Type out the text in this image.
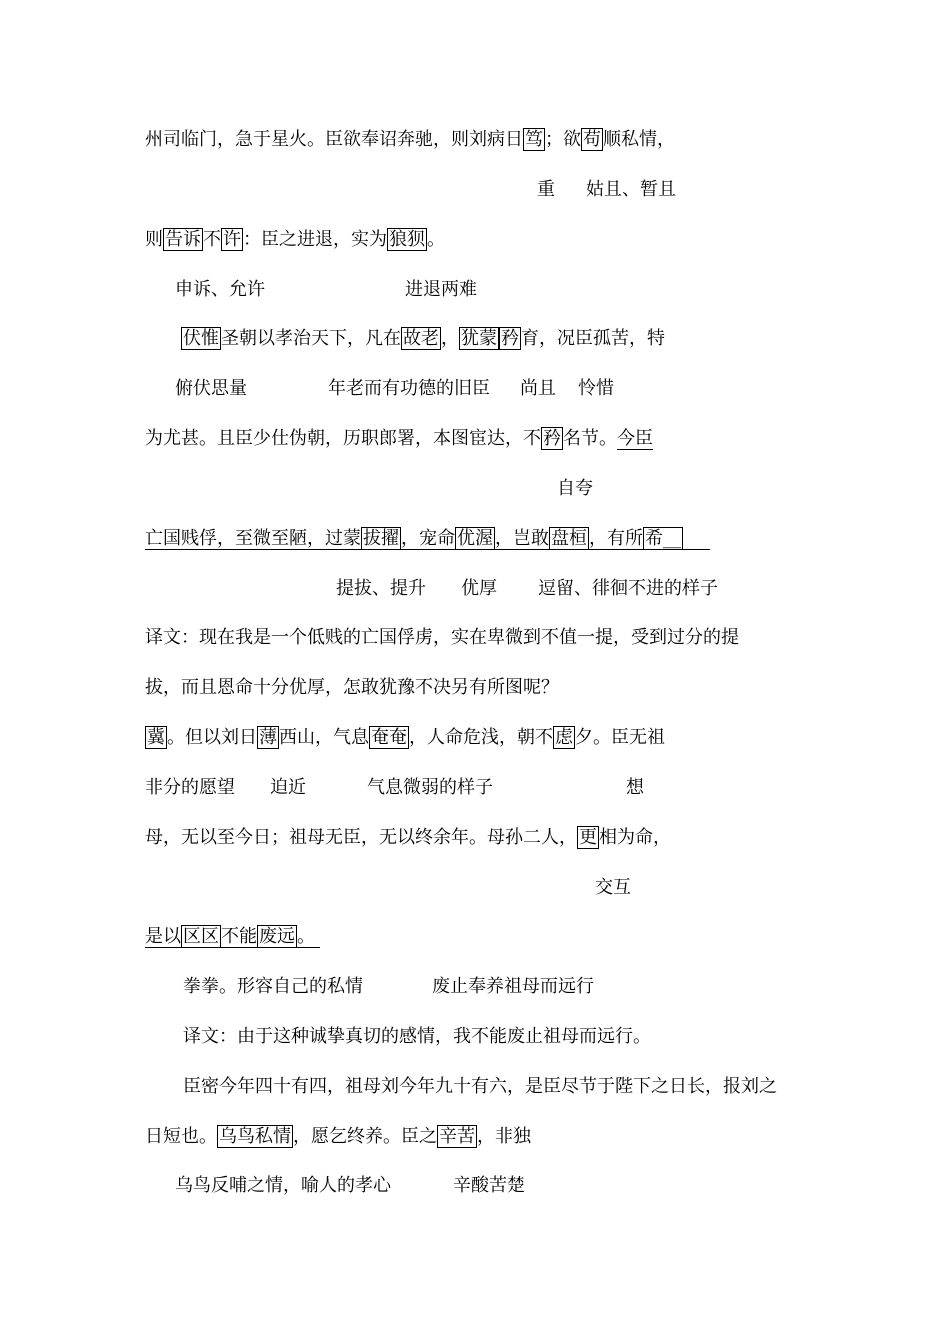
州司临门，急于星火。臣欲奉诏奔驰，则刘病日 笃 ；欲 苟 顺私情，
重 姑且、暂且
则 告诉 不 许 ：臣之进退，实为 狼狈 。
申诉、允许	进退两难
伏惟 圣朝以孝治天下，凡在 故老 ， 犹蒙 矜 育，况臣孤苦，特
俯伏思量	年老而有功德的旧臣 尚且 怜惜
为尤甚。且臣少仕伪朝，历职郎署，本图宦达，不 矜 名节。今臣
自夸
亡国贱俘，至微至陋，过蒙 拔擢 ，宠命 优渥 ，岂敢 盘桓 ，有所 希__
提拔、提升 优厚 逗留、徘徊不进的样子
译文：现在我是一个低贱的亡国俘虏，实在卑微到不值一提，受到过分的提
拔，而且恩命十分优厚，怎敢犹豫不决另有所图呢？
冀 。但以刘日 薄 西山，气息 奄奄 ，人命危浅，朝不 虑 夕。臣无祖
非分的愿望 迫近	气息微弱的样子	想
母，无以至今日；祖母无臣，无以终余年。母孙二人， 更 相为命，
交互
是以 区区 不能 废远 。
拳拳。形容自己的私情	废止奉养祖母而远行
译文：由于这种诚挚真切的感情，我不能废止祖母而远行。
臣密今年四十有四，祖母刘今年九十有六，是臣尽节于陛下之日长，报刘之
日短也。 乌鸟私情 ，愿乞终养。臣之 辛苦 ，非独
乌鸟反哺之情，喻人的孝心	辛酸苦楚
